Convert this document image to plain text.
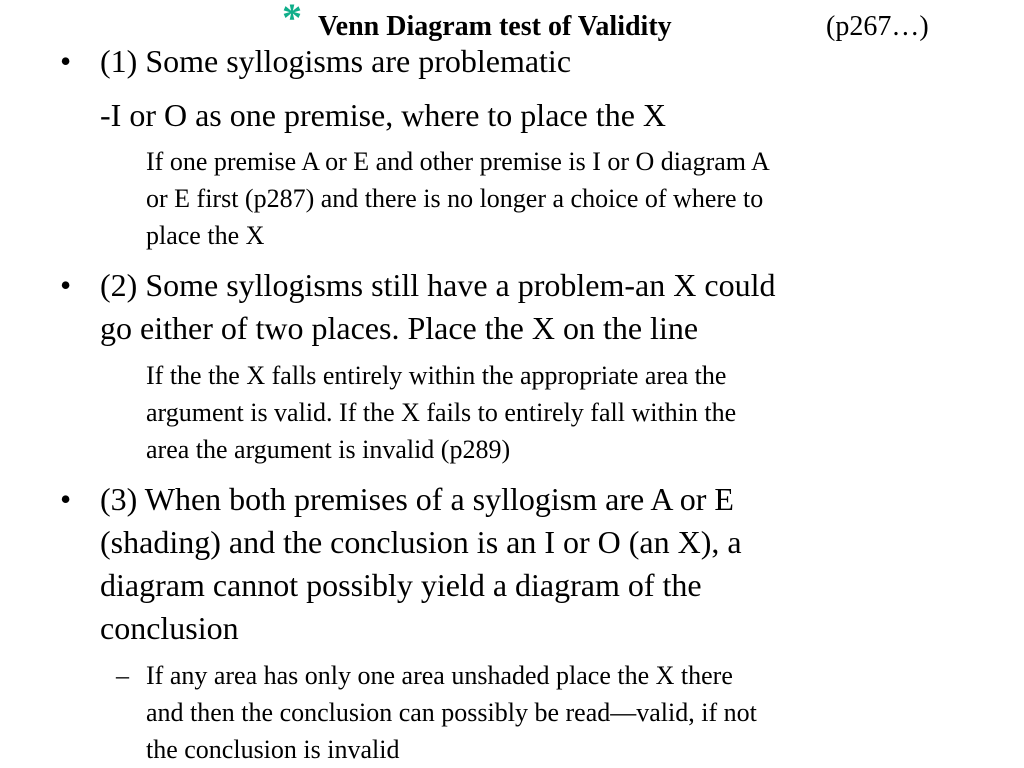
* Venn Diagram test of Validity	(p267…)
• (1) Some syllogisms are problematic
-I or O as one premise, where to place the X
If one premise A or E and other premise is I or O diagram A
or E first (p287) and there is no longer a choice of where to
place the X
• (2) Some syllogisms still have a problem-an X could
go either of two places. Place the X on the line
If the the X falls entirely within the appropriate area the
argument is valid. If the X fails to entirely fall within the
area the argument is invalid (p289)
• (3) When both premises of a syllogism are A or E
(shading) and the conclusion is an I or O (an X), a
diagram cannot possibly yield a diagram of the
conclusion
– If any area has only one area unshaded place the X there
and then the conclusion can possibly be read—valid, if not
the conclusion is invalid
